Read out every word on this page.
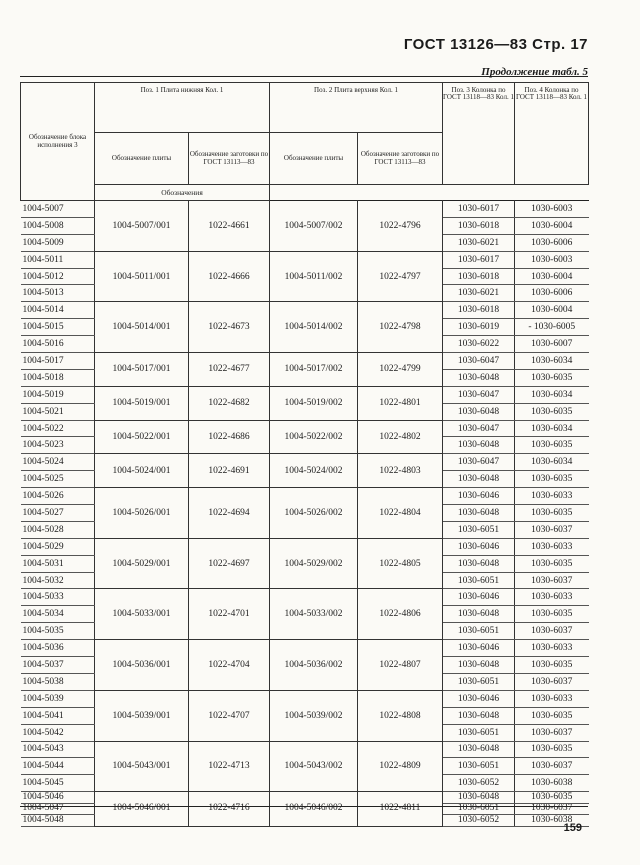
ГОСТ 13126—83 Стр. 17
Продолжение табл. 5
Обозначение блока исполнения 3	Поз. 1 Плита нижняя Кол. 1		Поз. 2 Плита верхняя Кол. 1		Поз. 3 Колонка по ГОСТ 13118—83 Кол. 1	Поз. 4 Колонка по ГОСТ 13118—83 Кол. 1
	Обозначение плиты	Обозначение заготовки по ГОСТ 13113—83	Обозначение плиты	Обозначение заготовки по ГОСТ 13113—83		
	Обозначения					
1004-5007	1004-5007/001	1022-4661	1004-5007/002	1022-4796	1030-6017	1030-6003
1004-5008					1030-6018	1030-6004
1004-5009					1030-6021	1030-6006
1004-5011	1004-5011/001	1022-4666	1004-5011/002	1022-4797	1030-6017	1030-6003
1004-5012					1030-6018	1030-6004
1004-5013					1030-6021	1030-6006
1004-5014	1004-5014/001	1022-4673	1004-5014/002	1022-4798	1030-6018	1030-6004
1004-5015					1030-6019	- 1030-6005
1004-5016					1030-6022	1030-6007
1004-5017	1004-5017/001	1022-4677	1004-5017/002	1022-4799	1030-6047	1030-6034
1004-5018					1030-6048	1030-6035
1004-5019	1004-5019/001	1022-4682	1004-5019/002	1022-4801	1030-6047	1030-6034
1004-5021					1030-6048	1030-6035
1004-5022	1004-5022/001	1022-4686	1004-5022/002	1022-4802	1030-6047	1030-6034
1004-5023					1030-6048	1030-6035
1004-5024	1004-5024/001	1022-4691	1004-5024/002	1022-4803	1030-6047	1030-6034
1004-5025					1030-6048	1030-6035
1004-5026	1004-5026/001	1022-4694	1004-5026/002	1022-4804	1030-6046	1030-6033
1004-5027					1030-6048	1030-6035
1004-5028					1030-6051	1030-6037
1004-5029	1004-5029/001	1022-4697	1004-5029/002	1022-4805	1030-6046	1030-6033
1004-5031					1030-6048	1030-6035
1004-5032					1030-6051	1030-6037
1004-5033	1004-5033/001	1022-4701	1004-5033/002	1022-4806	1030-6046	1030-6033
1004-5034					1030-6048	1030-6035
1004-5035					1030-6051	1030-6037
1004-5036	1004-5036/001	1022-4704	1004-5036/002	1022-4807	1030-6046	1030-6033
1004-5037					1030-6048	1030-6035
1004-5038					1030-6051	1030-6037
1004-5039	1004-5039/001	1022-4707	1004-5039/002	1022-4808	1030-6046	1030-6033
1004-5041					1030-6048	1030-6035
1004-5042					1030-6051	1030-6037
1004-5043	1004-5043/001	1022-4713	1004-5043/002	1022-4809	1030-6048	1030-6035
1004-5044					1030-6051	1030-6037
1004-5045					1030-6052	1030-6038
1004-5046	1004-5046/001	1022-4716	1004-5046/002	1022-4811	1030-6048	1030-6035
1004-5047					1030-6051	1030-6037
1004-5048					1030-6052	1030-6038
159
